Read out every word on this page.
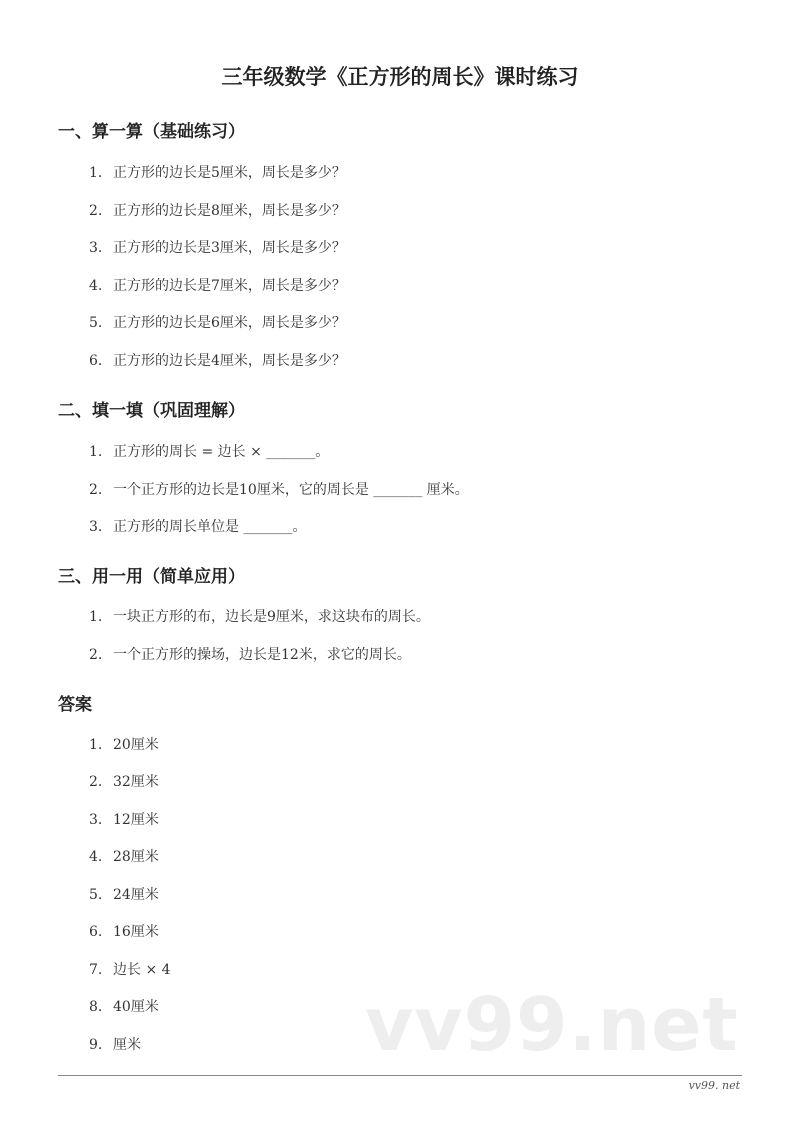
三年级数学《正方形的周长》课时练习
一、算一算（基础练习）
1. 正方形的边长是5厘米，周长是多少？
2. 正方形的边长是8厘米，周长是多少？
3. 正方形的边长是3厘米，周长是多少？
4. 正方形的边长是7厘米，周长是多少？
5. 正方形的边长是6厘米，周长是多少？
6. 正方形的边长是4厘米，周长是多少？
二、填一填（巩固理解）
1. 正方形的周长 = 边长 × _______。
2. 一个正方形的边长是10厘米，它的周长是 _______ 厘米。
3. 正方形的周长单位是 _______。
三、用一用（简单应用）
1. 一块正方形的布，边长是9厘米，求这块布的周长。
2. 一个正方形的操场，边长是12米，求它的周长。
答案
1. 20厘米
2. 32厘米
3. 12厘米
4. 28厘米
5. 24厘米
6. 16厘米
7. 边长 × 4
8. 40厘米
9. 厘米	vv99.net
vv99. net
